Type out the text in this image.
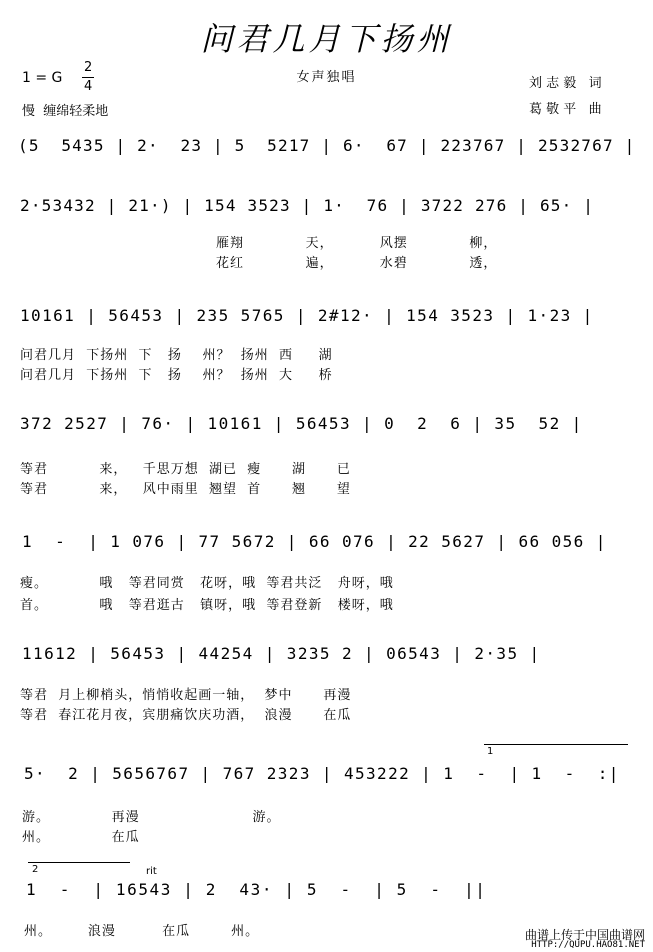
问君几月下扬州
女声独唱
1 = G
2
4
慢  缠绵轻柔地
刘 志 毅   词
葛 敬 平   曲
(5  5435 | 2·  23 | 5  5217 | 6·  67 | 223767 | 2532767 |
2·53432 | 21·) | 154 3523 | 1·  76 | 3722 276 | 65· |
雁翔            天，         风摆            柳，
花红            遍，         水碧            透，
10161 | 56453 | 235 5765 | 2#12· | 154 3523 | 1·23 |
问君几月  下扬州  下   扬    州？  扬州  西     湖
问君几月  下扬州  下   扬    州？  扬州  大     桥
372 2527 | 76· | 10161 | 56453 | 0  2  6 | 35  52 |
等君          来，   千思万想  湖已  瘦      湖      已
等君          来，   风中雨里  翘望  首      翘      望
1  -  | 1 076 | 77 5672 | 66 076 | 22 5627 | 66 056 |
瘦。          哦   等君同赏   花呀，哦  等君共泛   舟呀，哦
首。          哦   等君逛古   镇呀，哦  等君登新   楼呀，哦
11612 | 56453 | 44254 | 3235 2 | 06543 | 2·35 |
等君  月上柳梢头，悄悄收起画一轴，  梦中      再漫
等君  春江花月夜，宾朋痛饮庆功酒，  浪漫      在瓜
1
5·  2 | 5656767 | 767 2323 | 453222 | 1  -  | 1  -  :|
游。            再漫                      游。
州。            在瓜
2	rit
1  -  | 16543 | 2  43· | 5  -  | 5  -  ||
州。       浪漫         在瓜        州。	曲谱上传于中国曲谱网
HTTP://QUPU.HAO81.NET
